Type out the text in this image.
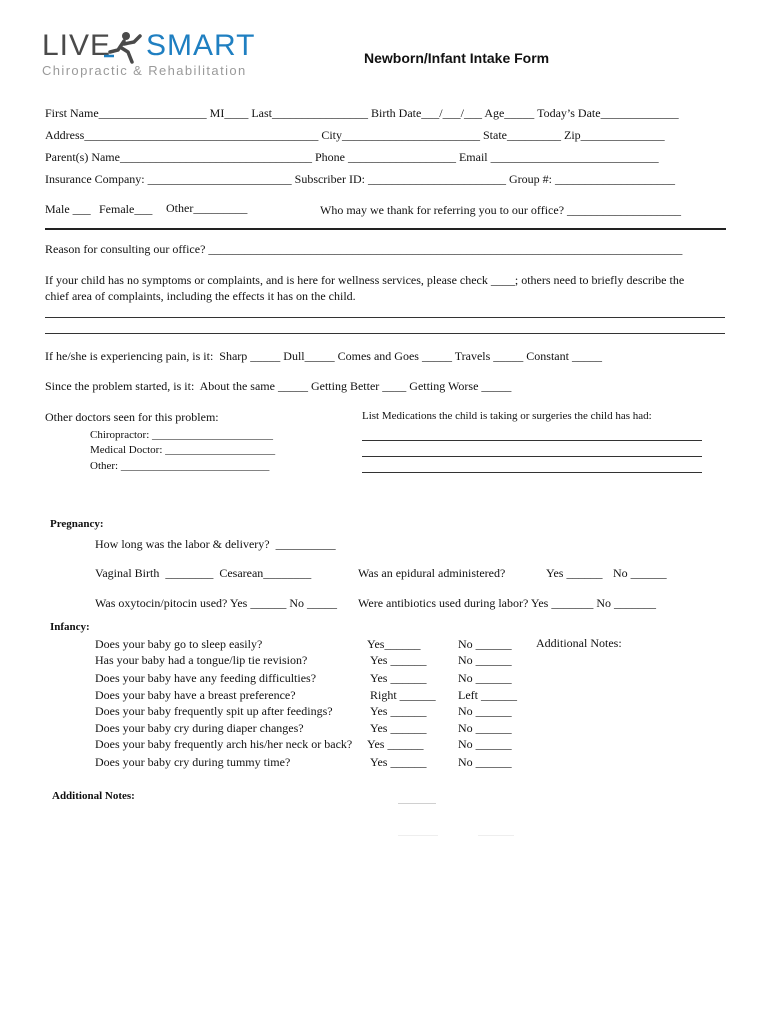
LIVE SMART
Chiropractic & Rehabilitation
Newborn/Infant Intake Form
First Name__________________ MI____ Last________________ Birth Date___/___/___ Age_____ Today’s Date_____________
Address_______________________________________ City_______________________ State_________ Zip______________
Parent(s) Name________________________________ Phone __________________ Email ____________________________
Insurance Company: ________________________ Subscriber ID: _______________________ Group #: ____________________
Male ___ Female___ Other_________	Who may we thank for referring you to our office? ___________________
Reason for consulting our office? _______________________________________________________________________________
If your child has no symptoms or complaints, and is here for wellness services, please check ____; others need to briefly describe the
chief area of complaints, including the effects it has on the child.
If he/she is experiencing pain, is it:  Sharp _____ Dull_____ Comes and Goes _____ Travels _____ Constant _____
Since the problem started, is it:  About the same _____ Getting Better ____ Getting Worse _____
Other doctors seen for this problem:
Chiropractor: ______________________
Medical Doctor: ____________________
Other: ___________________________
List Medications the child is taking or surgeries the child has had:
Pregnancy:
How long was the labor & delivery?  __________
Vaginal Birth  ________  Cesarean________	Was an epidural administered?	Yes ______ No ______
Was oxytocin/pitocin used? Yes ______ No _____ Were antibiotics used during labor? Yes _______ No _______
Infancy:
Additional Notes:
Does your baby go to sleep easily?	Yes______	No ______
Has your baby had a tongue/lip tie revision?	Yes ______	No ______
Does your baby have any feeding difficulties?	Yes ______	No ______
Does your baby have a breast preference?	Right ______ Left ______
Does your baby frequently spit up after feedings?	Yes ______	No ______
Does your baby cry during diaper changes?	Yes ______	No ______
Does your baby frequently arch his/her neck or back? Yes ______	No ______
Does your baby cry during tummy time?	Yes ______	No ______
Additional Notes:
